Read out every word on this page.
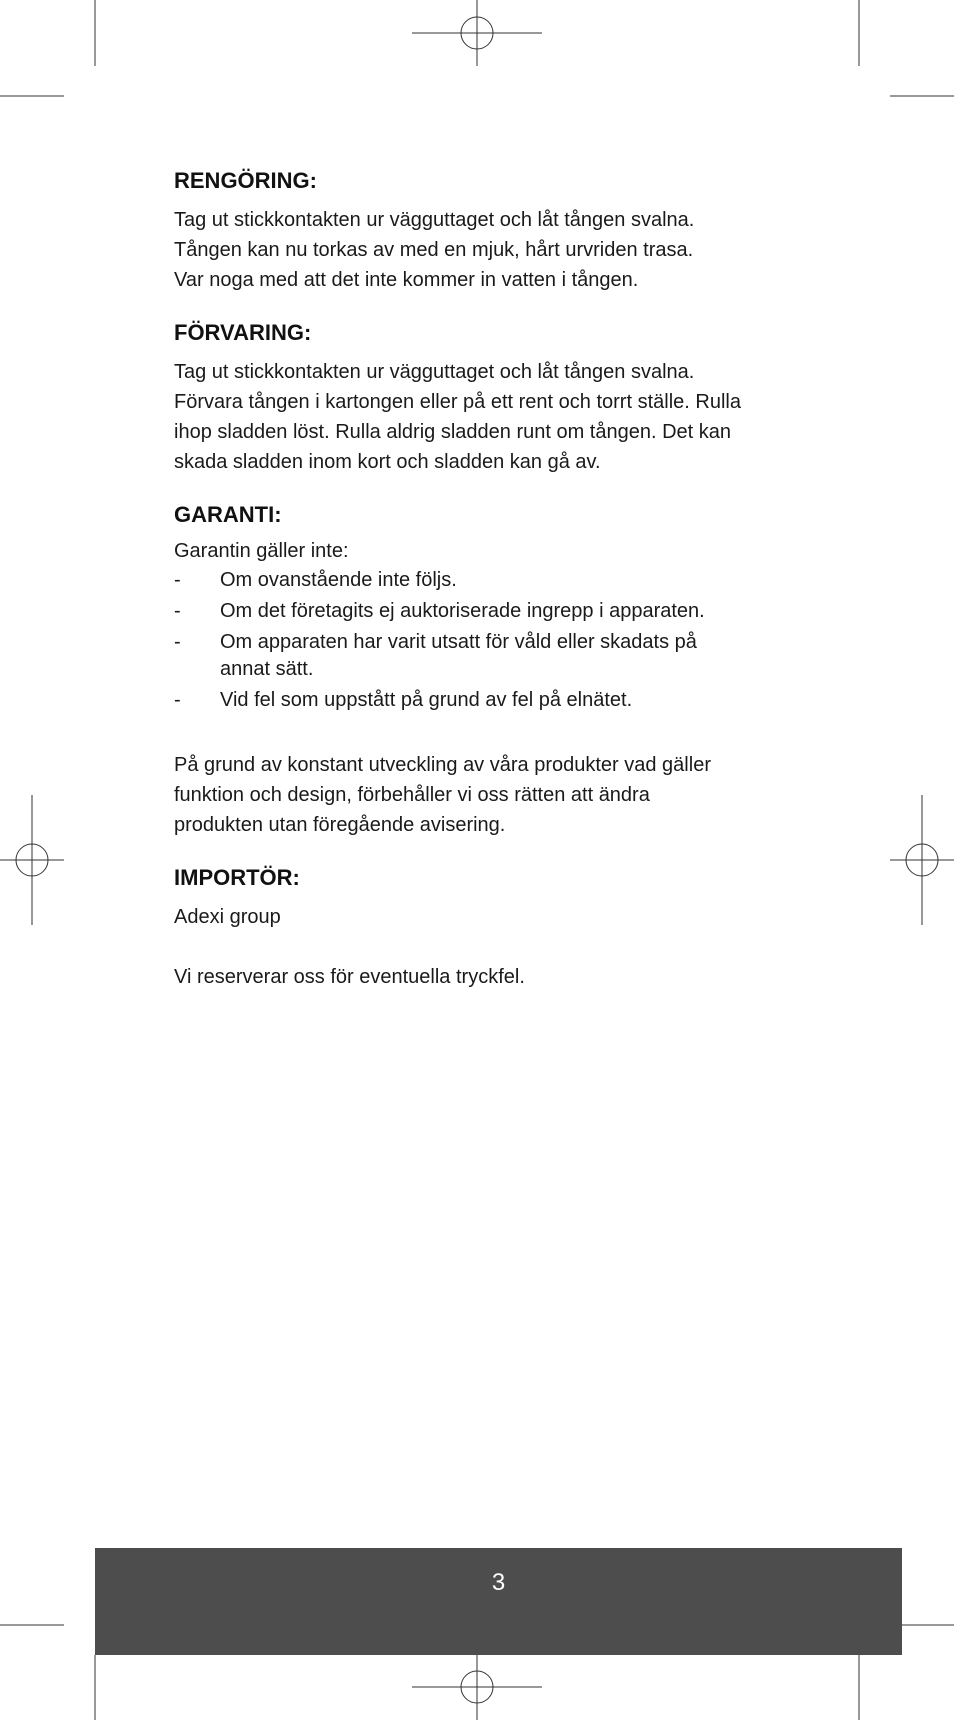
RENGÖRING:

Tag ut stickkontakten ur vägguttaget och låt tången svalna.
Tången kan nu torkas av med en mjuk, hårt urvriden trasa.
Var noga med att det inte kommer in vatten i tången.

FÖRVARING:

Tag ut stickkontakten ur vägguttaget och låt tången svalna.
Förvara tången i kartongen eller på ett rent och torrt ställe. Rulla
ihop sladden löst. Rulla aldrig sladden runt om tången. Det kan
skada sladden inom kort och sladden kan gå av.

GARANTI:

Garantin gäller inte:

- Om ovanstående inte följs.
- Om det företagits ej auktoriserade ingrepp i apparaten.
- Om apparaten har varit utsatt för våld eller skadats på annat sätt.
- Vid fel som uppstått på grund av fel på elnätet.

På grund av konstant utveckling av våra produkter vad gäller
funktion och design, förbehåller vi oss rätten att ändra
produkten utan föregående avisering.

IMPORTÖR:

Adexi group

Vi reserverar oss för eventuella tryckfel.

3
